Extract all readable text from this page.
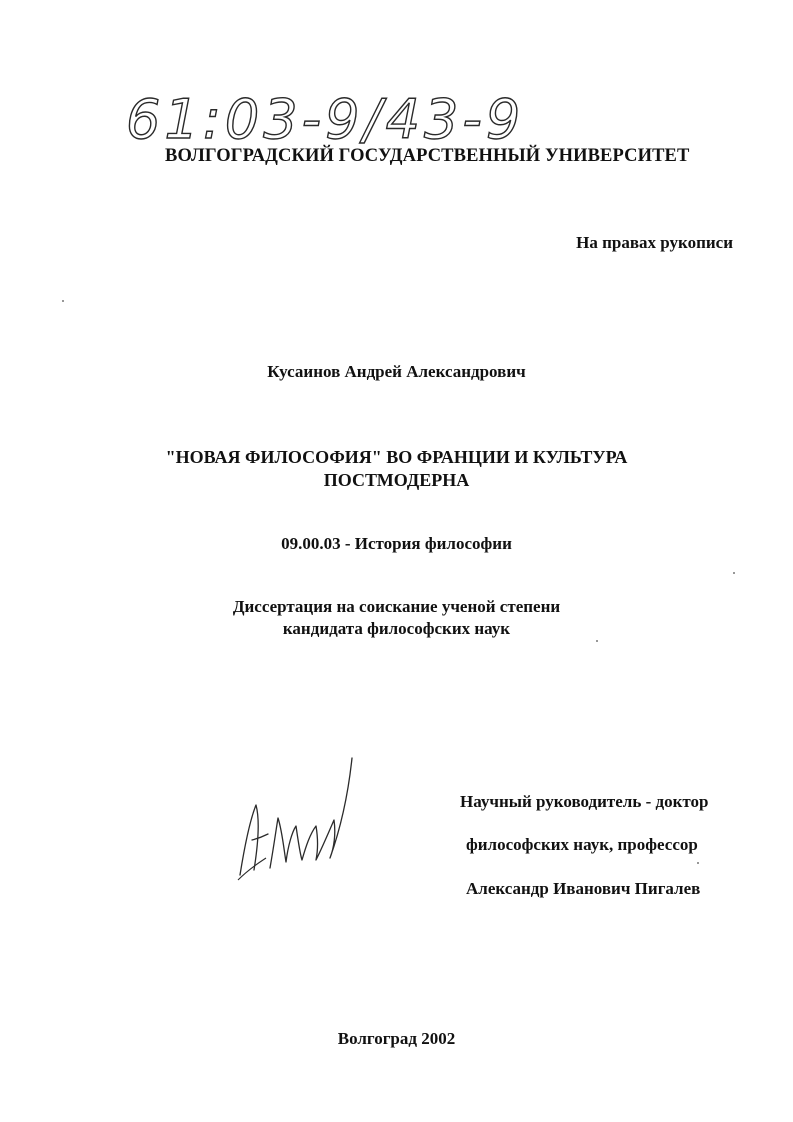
61:03-9/43-9
ВОЛГОГРАДСКИЙ ГОСУДАРСТВЕННЫЙ УНИВЕРСИТЕТ
На правах рукописи
Кусаинов Андрей Александрович
"НОВАЯ ФИЛОСОФИЯ" ВО ФРАНЦИИ И КУЛЬТУРА
ПОСТМОДЕРНА
09.00.03 - История философии
Диссертация на соискание ученой степени
кандидата философских наук
Научный руководитель - доктор
философских наук, профессор
Александр Иванович Пигалев
Волгоград 2002
